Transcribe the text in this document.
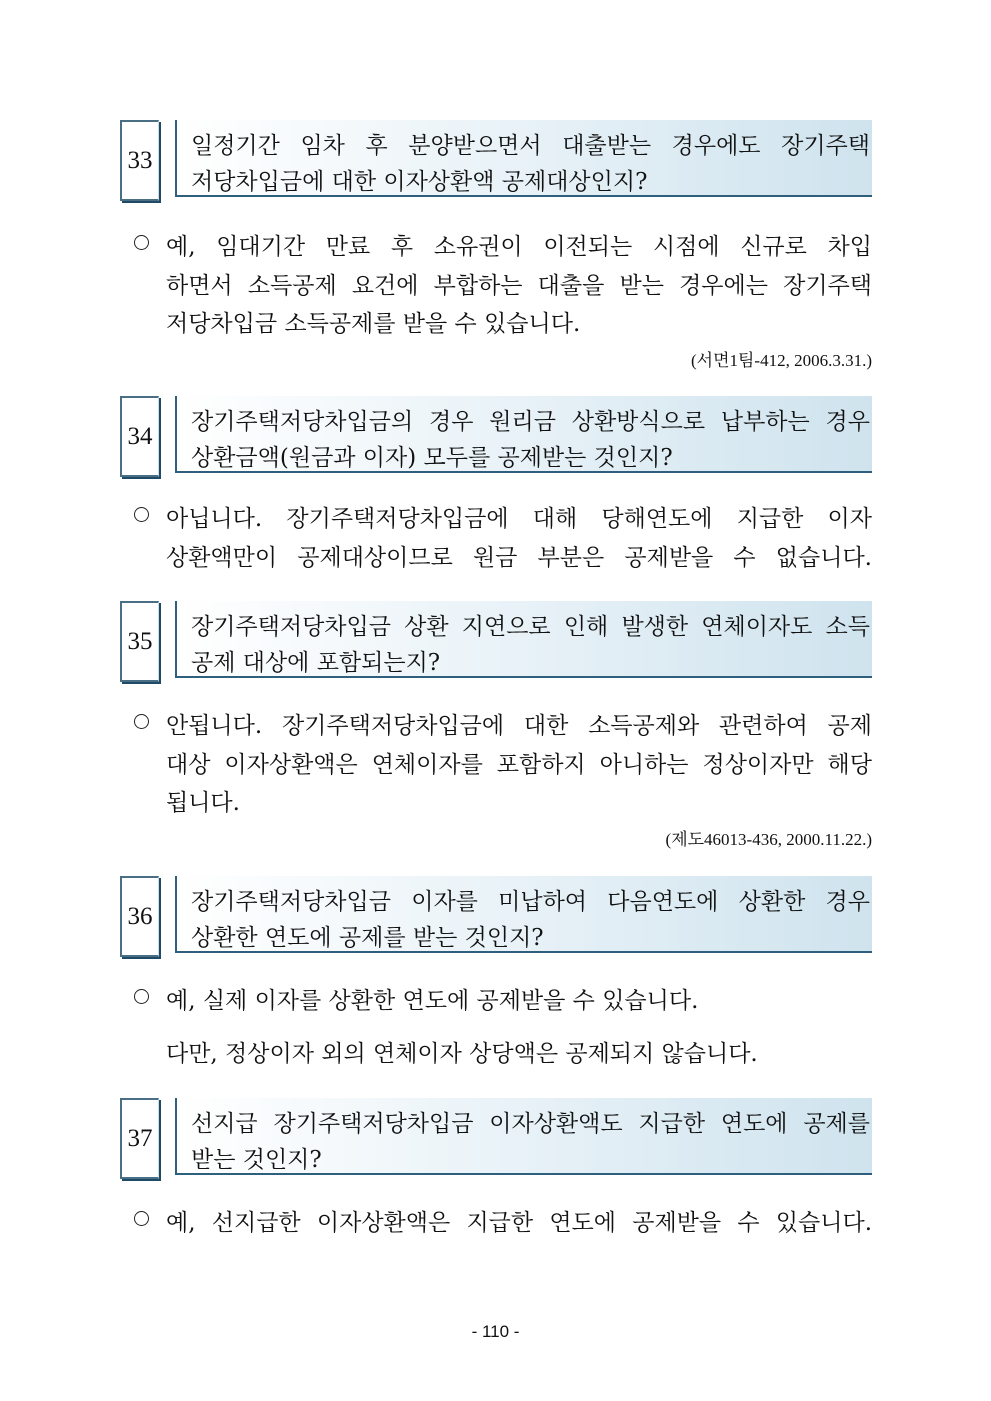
33

일정기간 임차 후 분양받으면서 대출받는 경우에도 장기주택

저당차입금에 대한 이자상환액 공제대상인지?

예, 임대기간 만료 후 소유권이 이전되는 시점에 신규로 차입

하면서 소득공제 요건에 부합하는 대출을 받는 경우에는 장기주택

저당차입금 소득공제를 받을 수 있습니다.

(서면1팀-412, 2006.3.31.)
34

장기주택저당차입금의 경우 원리금 상환방식으로 납부하는 경우

상환금액(원금과 이자) 모두를 공제받는 것인지?

아닙니다. 장기주택저당차입금에 대해 당해연도에 지급한 이자

상환액만이 공제대상이므로 원금 부분은 공제받을 수 없습니다.

35

장기주택저당차입금 상환 지연으로 인해 발생한 연체이자도 소득

공제 대상에 포함되는지?

안됩니다. 장기주택저당차입금에 대한 소득공제와 관련하여 공제

대상 이자상환액은 연체이자를 포함하지 아니하는 정상이자만 해당

됩니다.

(제도46013-436, 2000.11.22.)
36

장기주택저당차입금 이자를 미납하여 다음연도에 상환한 경우

상환한 연도에 공제를 받는 것인지?

예, 실제 이자를 상환한 연도에 공제받을 수 있습니다.

다만, 정상이자 외의 연체이자 상당액은 공제되지 않습니다.

37

선지급 장기주택저당차입금 이자상환액도 지급한 연도에 공제를

받는 것인지?

예, 선지급한 이자상환액은 지급한 연도에 공제받을 수 있습니다.

- 110 -
